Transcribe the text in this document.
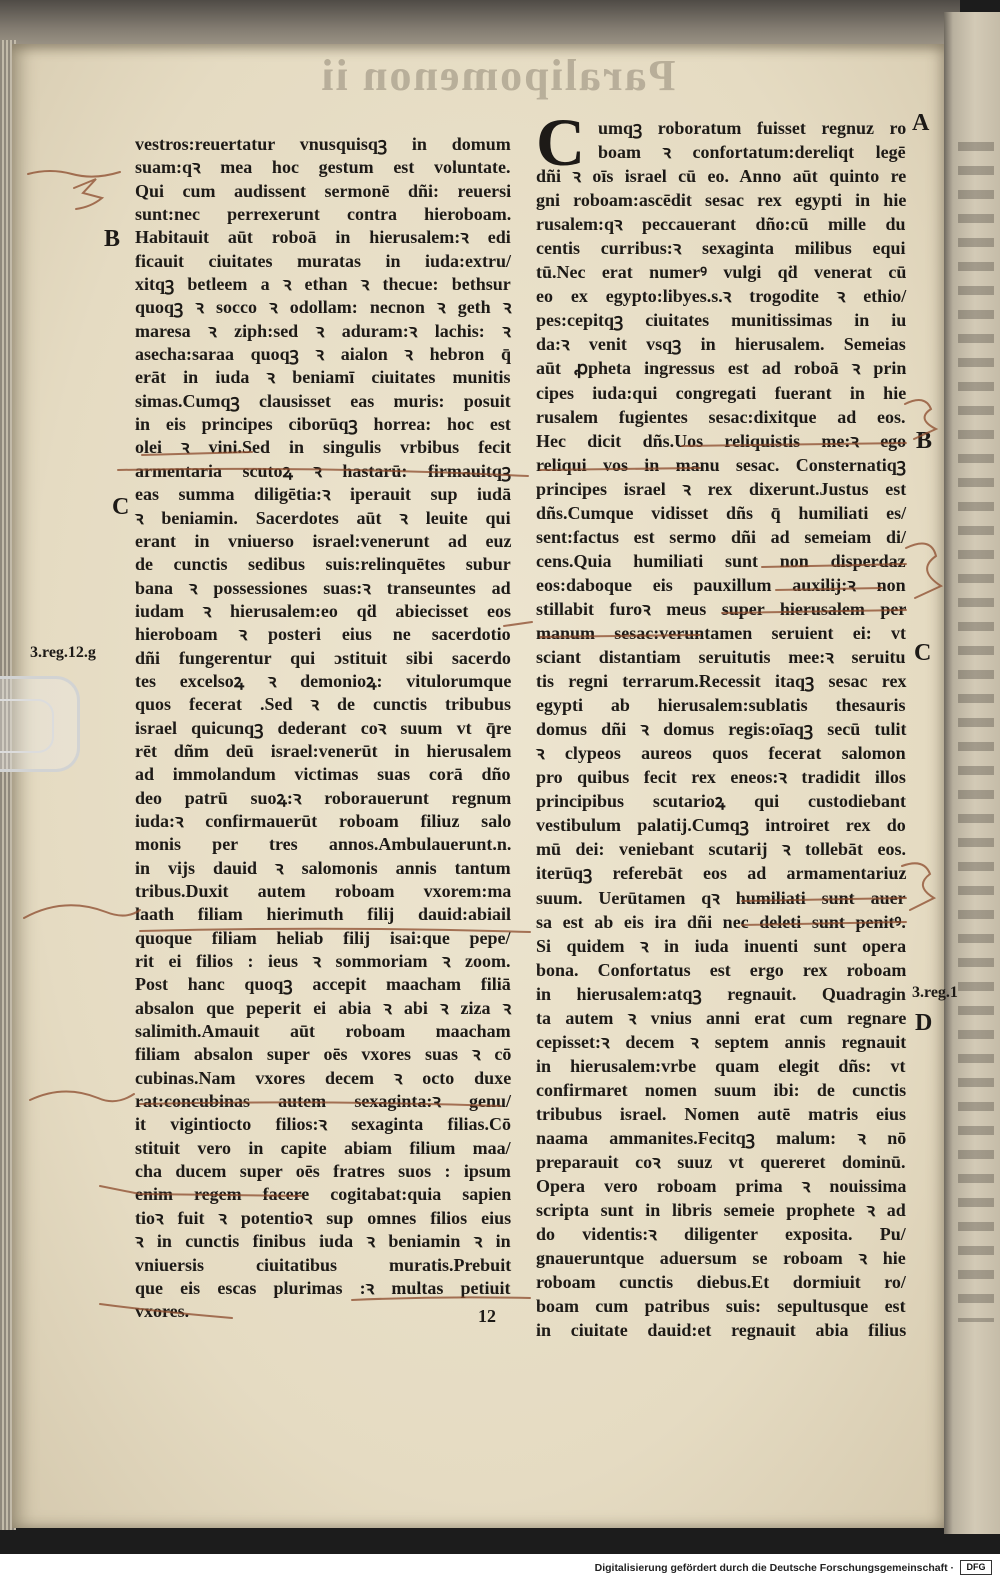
Paralipomenon ii
C
vestros:reuertatur vnusquisqꝫ in domum
suam:qꝛ mea hoc gestum est voluntate.
Qui cum audissent sermonē dñi: reuersi
sunt:nec perrexerunt contra hieroboam.
Habitauit aūt roboā in hierusalem:ꝛ edi
ficauit ciuitates muratas in iuda:extru/
xitqꝫ betleem a ꝛ ethan ꝛ thecue: bethsur
quoqꝫ ꝛ socco ꝛ odollam: necnon ꝛ geth ꝛ
maresa ꝛ ziph:sed ꝛ aduram:ꝛ lachis: ꝛ
asecha:saraa quoqꝫ ꝛ aialon ꝛ hebron q̄
erāt in iuda ꝛ beniamī ciuitates munitis
simas.Cumqꝫ clausisset eas muris: posuit
in eis principes ciborūqꝫ horrea: hoc est
olei ꝛ vini.Sed in singulis vrbibus fecit
armentaria scutoꝝ ꝛ hastarū: firmauitqꝫ
eas summa diligētia:ꝛ iperauit sup iudā
ꝛ beniamin. Sacerdotes aūt ꝛ leuite qui
erant in vniuerso israel:venerunt ad euz
de cunctis sedibus suis:relinquētes subur
bana ꝛ possessiones suas:ꝛ transeuntes ad
iudam ꝛ hierusalem:eo qḋ abiecisset eos
hieroboam ꝛ posteri eius ne sacerdotio
dñi fungerentur qui ɔstituit sibi sacerdo
tes excelsoꝝ ꝛ demonioꝝ: vitulorumque
quos fecerat .Sed ꝛ de cunctis tribubus
israel quicunqꝫ dederant coꝛ suum vt q̄re
rēt dñm deū israel:venerūt in hierusalem
ad immolandum victimas suas corā dño
deo patrū suoꝝ:ꝛ roborauerunt regnum
iuda:ꝛ confirmauerūt roboam filiuz salo
monis per tres annos.Ambulauerunt.n.
in vijs dauid ꝛ salomonis annis tantum
tribus.Duxit autem roboam vxorem:ma
laath filiam hierimuth filij dauid:abiail
quoque filiam heliab filij isai:que pepe/
rit ei filios : ieus ꝛ sommoriam ꝛ zoom.
Post hanc quoqꝫ accepit maacham filiā
absalon que peperit ei abia ꝛ abi ꝛ ziza ꝛ
salimith.Amauit aūt roboam maacham
filiam absalon super oēs vxores suas ꝛ cō
cubinas.Nam vxores decem ꝛ octo duxe
rat:concubinas autem sexaginta:ꝛ genu/
it vigintiocto filios:ꝛ sexaginta filias.Cō
stituit vero in capite abiam filium maa/
cha ducem super oēs fratres suos : ipsum
enim regem facere cogitabat:quia sapien
tioꝛ fuit ꝛ potentioꝛ sup omnes filios eius
ꝛ in cunctis finibus iuda ꝛ beniamin ꝛ in
vniuersis ciuitatibus muratis.Prebuit
que eis escas plurimas :ꝛ multas petiuit
vxores.
umqꝫ roboratum fuisset regnuz ro
boam ꝛ confortatum:dereliqt legē
dñi ꝛ oīs israel cū eo. Anno aūt quinto re
gni roboam:ascēdit sesac rex egypti in hie
rusalem:qꝛ peccauerant dño:cū mille du
centis curribus:ꝛ sexaginta milibus equi
tū.Nec erat numerꝰ vulgi qḋ venerat cū
eo ex egypto:libyes.s.ꝛ trogodite ꝛ ethio/
pes:cepitqꝫ ciuitates munitissimas in iu
da:ꝛ venit vsqꝫ in hierusalem. Semeias
aūt ꝓpheta ingressus est ad roboā ꝛ prin
cipes iuda:qui congregati fuerant in hie
rusalem fugientes sesac:dixitque ad eos.
Hec dicit dñs.Uos reliquistis me:ꝛ ego
reliqui vos in manu sesac. Consternatiqꝫ
principes israel ꝛ rex dixerunt.Justus est
dñs.Cumque vidisset dñs q̄ humiliati es/
sent:factus est sermo dñi ad semeiam di/
cens.Quia humiliati sunt non disperdaz
eos:daboque eis pauxillum auxilij:ꝛ non
stillabit furoꝛ meus super hierusalem per
manum sesac:veruntamen seruient ei: vt
sciant distantiam seruitutis mee:ꝛ seruitu
tis regni terrarum.Recessit itaqꝫ sesac rex
egypti ab hierusalem:sublatis thesauris
domus dñi ꝛ domus regis:oīaqꝫ secū tulit
ꝛ clypeos aureos quos fecerat salomon
pro quibus fecit rex eneos:ꝛ tradidit illos
principibus scutarioꝝ qui custodiebant
vestibulum palatij.Cumqꝫ introiret rex do
mū dei: veniebant scutarij ꝛ tollebāt eos.
iterūqꝫ referebāt eos ad armamentariuz
suum. Uerūtamen qꝛ humiliati sunt auer
sa est ab eis ira dñi nec deleti sunt penitꝰ.
Si quidem ꝛ in iuda inuenti sunt opera
bona. Confortatus est ergo rex roboam
in hierusalem:atqꝫ regnauit. Quadragin
ta autem ꝛ vnius anni erat cum regnare
cepisset:ꝛ decem ꝛ septem annis regnauit
in hierusalem:vrbe quam elegit dñs: vt
confirmaret nomen suum ibi: de cunctis
tribubus israel. Nomen autē matris eius
naama ammanites.Fecitqꝫ malum: ꝛ nō
preparauit coꝛ suuz vt quereret dominū.
Opera vero roboam prima ꝛ nouissima
scripta sunt in libris semeie prophete ꝛ ad
do videntis:ꝛ diligenter exposita. Pu/
gnaueruntque aduersum se roboam ꝛ hie
roboam cunctis diebus.Et dormiuit ro/
boam cum patribus suis: sepultusque est
in ciuitate dauid:et regnauit abia filius
B
C
3.reg.12.g
A
B
C
3.reg.1
D
12
Digitalisierung gefördert durch die Deutsche Forschungsgemeinschaft ·	DFG
